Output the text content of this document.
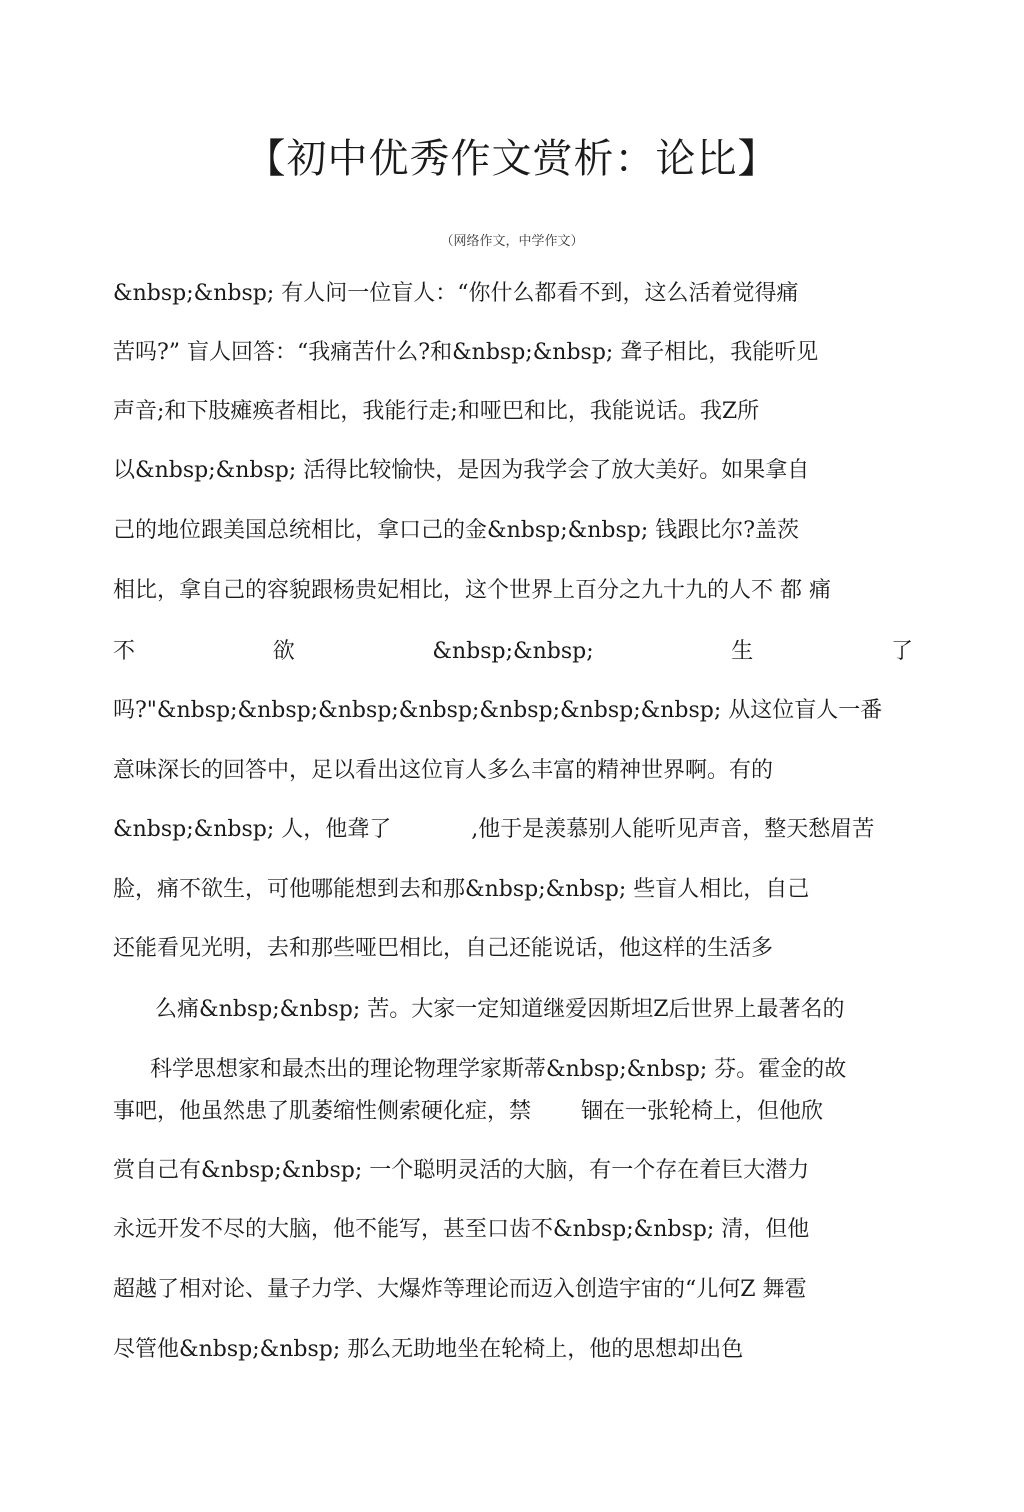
【初中优秀作文赏析：论比】
（网络作文，中学作文）
&nbsp;&nbsp; 有人问一位盲人：“你什么都看不到，这么活着觉得痛
苦吗?” 盲人回答：“我痛苦什么?和&nbsp;&nbsp; 聋子相比，我能听见
声音;和下肢瘫痪者相比，我能行走;和哑巴和比，我能说话。我Z所
以&nbsp;&nbsp; 活得比较愉快，是因为我学会了放大美好。如果拿自
己的地位跟美国总统相比，拿口己的金&nbsp;&nbsp; 钱跟比尔?盖茨
相比，拿自己的容貌跟杨贵妃相比，这个世界上百分之九十九的人不 都 痛
不	欲	&nbsp;&nbsp;	生	了
吗?"&nbsp;&nbsp;&nbsp;&nbsp;&nbsp;&nbsp;&nbsp; 从这位盲人一番
意味深长的回答中，足以看出这位肓人多么丰富的精神世界啊。有的
&nbsp;&nbsp; 人，他聋了	,他于是羡慕别人能听见声音，整天愁眉苦
脸，痛不欲生，可他哪能想到去和那&nbsp;&nbsp; 些盲人相比，自己
还能看见光明，去和那些哑巴相比，自己还能说话，他这样的生活多
么痛&nbsp;&nbsp; 苦。大家一定知道继爱因斯坦Z后世界上最著名的
科学思想家和最杰出的理论物理学家斯蒂&nbsp;&nbsp; 芬。霍金的故
事吧，他虽然患了肌萎缩性侧索硬化症，禁 锢在一张轮椅上，但他欣
赏自己有&nbsp;&nbsp; 一个聪明灵活的大脑，有一个存在着巨大潜力
永远开发不尽的大脑，他不能写，甚至口齿不&nbsp;&nbsp; 清，但他
超越了相对论、量子力学、大爆炸等理论而迈入创造宇宙的“儿何Z 舞雹
尽管他&nbsp;&nbsp; 那么无助地坐在轮椅上，他的思想却出色
